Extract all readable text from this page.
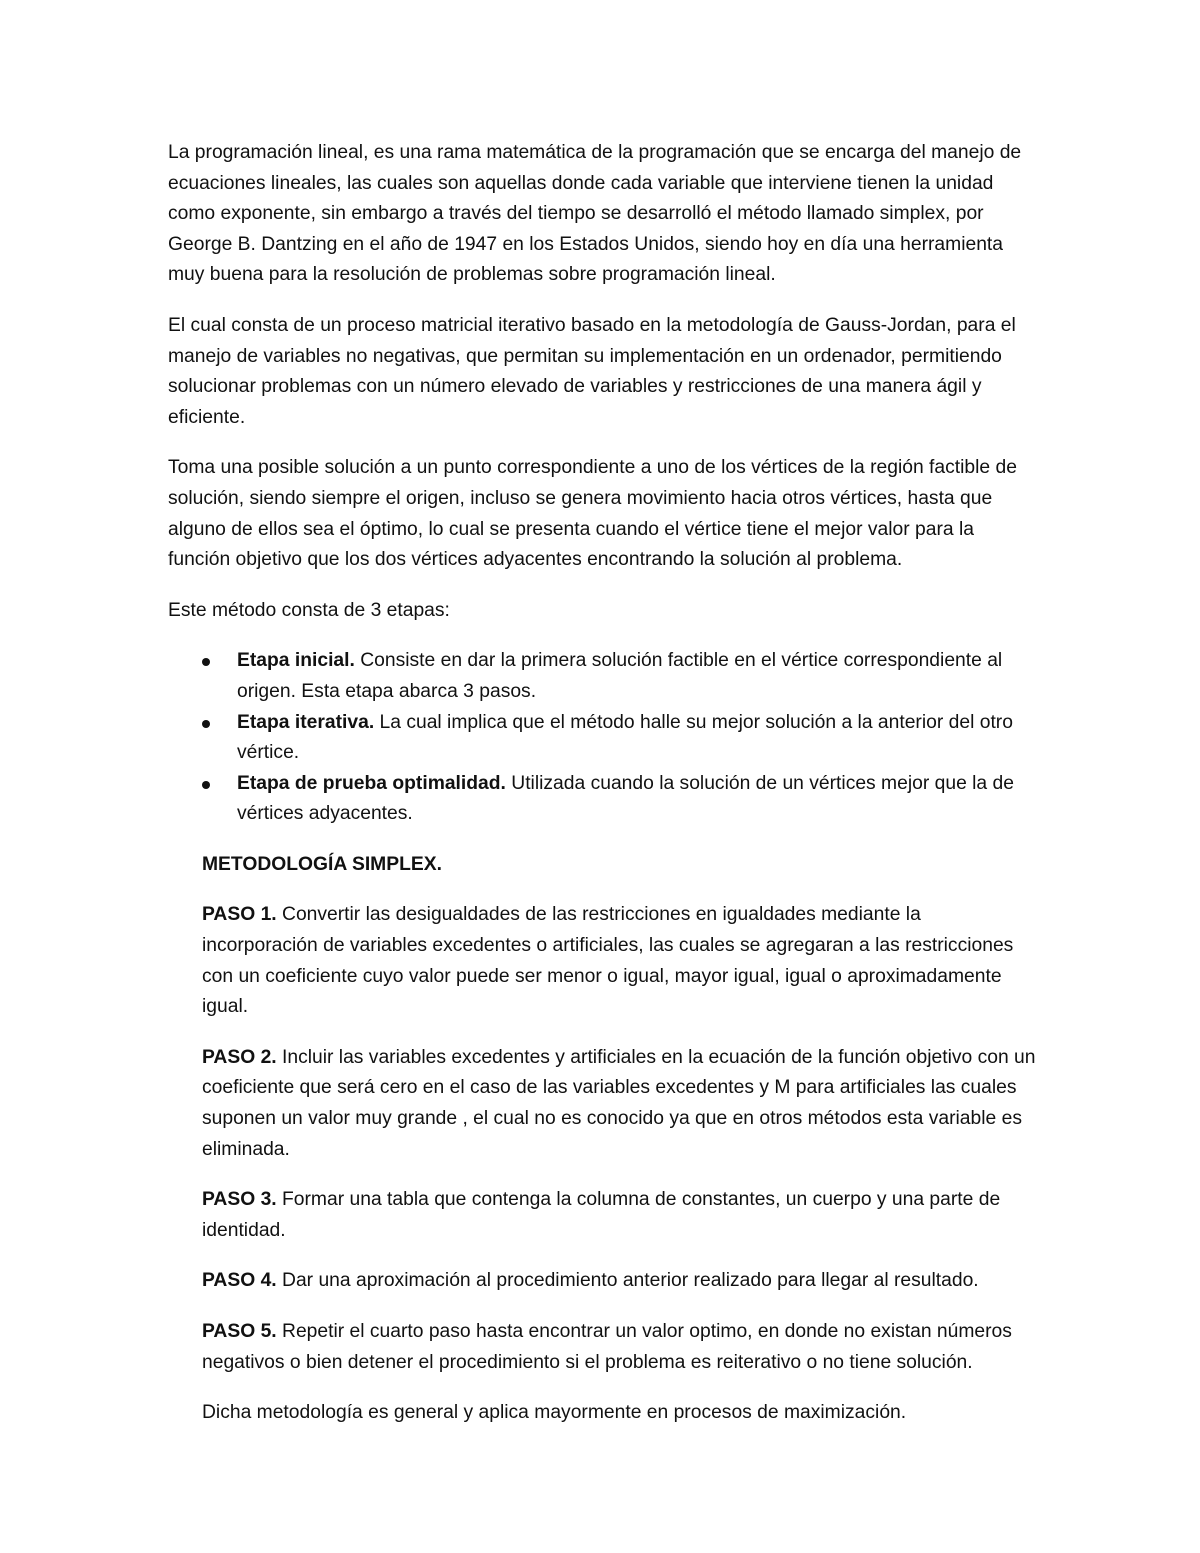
La programación lineal, es una rama matemática de la programación que se encarga del manejo de ecuaciones lineales, las cuales son aquellas donde cada variable que interviene tienen la unidad como exponente, sin embargo a través del tiempo se desarrolló el método llamado simplex, por George B. Dantzing en el año de 1947 en los Estados Unidos, siendo hoy en día una herramienta muy buena para la resolución de problemas sobre programación lineal.

El cual consta de un proceso matricial iterativo basado en la metodología de Gauss-Jordan, para el manejo de variables no negativas, que permitan su implementación en un ordenador, permitiendo solucionar problemas con un número elevado de variables y restricciones de una manera ágil y eficiente.

Toma una posible solución a un punto correspondiente a uno de los vértices de la región factible de solución, siendo siempre el origen, incluso se genera movimiento hacia otros vértices, hasta que alguno de ellos sea el óptimo, lo cual se presenta cuando el vértice tiene el mejor valor para la función objetivo que los dos vértices adyacentes encontrando la solución al problema.

Este método consta de 3 etapas:

Etapa inicial. Consiste en dar la primera solución factible en el vértice correspondiente al origen. Esta etapa abarca 3 pasos.
Etapa iterativa. La cual implica que el método halle su mejor solución a la anterior del otro vértice.
Etapa de prueba optimalidad. Utilizada cuando la solución de un vértices mejor que la de vértices adyacentes.

METODOLOGÍA SIMPLEX.

PASO 1. Convertir las desigualdades de las restricciones en igualdades mediante la incorporación de variables excedentes o artificiales, las cuales se agregaran a las restricciones con un coeficiente cuyo valor puede ser menor o igual, mayor igual, igual o aproximadamente igual.

PASO 2. Incluir las variables excedentes y artificiales en la ecuación de la función objetivo con un coeficiente que será cero en el caso de las variables excedentes y M para artificiales las cuales suponen un valor muy grande , el cual no es conocido ya que en otros métodos esta variable es eliminada.

PASO 3. Formar una tabla que contenga la columna de constantes, un cuerpo y una parte de identidad.

PASO 4. Dar una aproximación al procedimiento anterior realizado para llegar al resultado.

PASO 5. Repetir el cuarto paso hasta encontrar un valor optimo, en donde no existan números negativos o bien detener el procedimiento si el problema es reiterativo o no tiene solución.

Dicha metodología es general y aplica mayormente en procesos de maximización.
